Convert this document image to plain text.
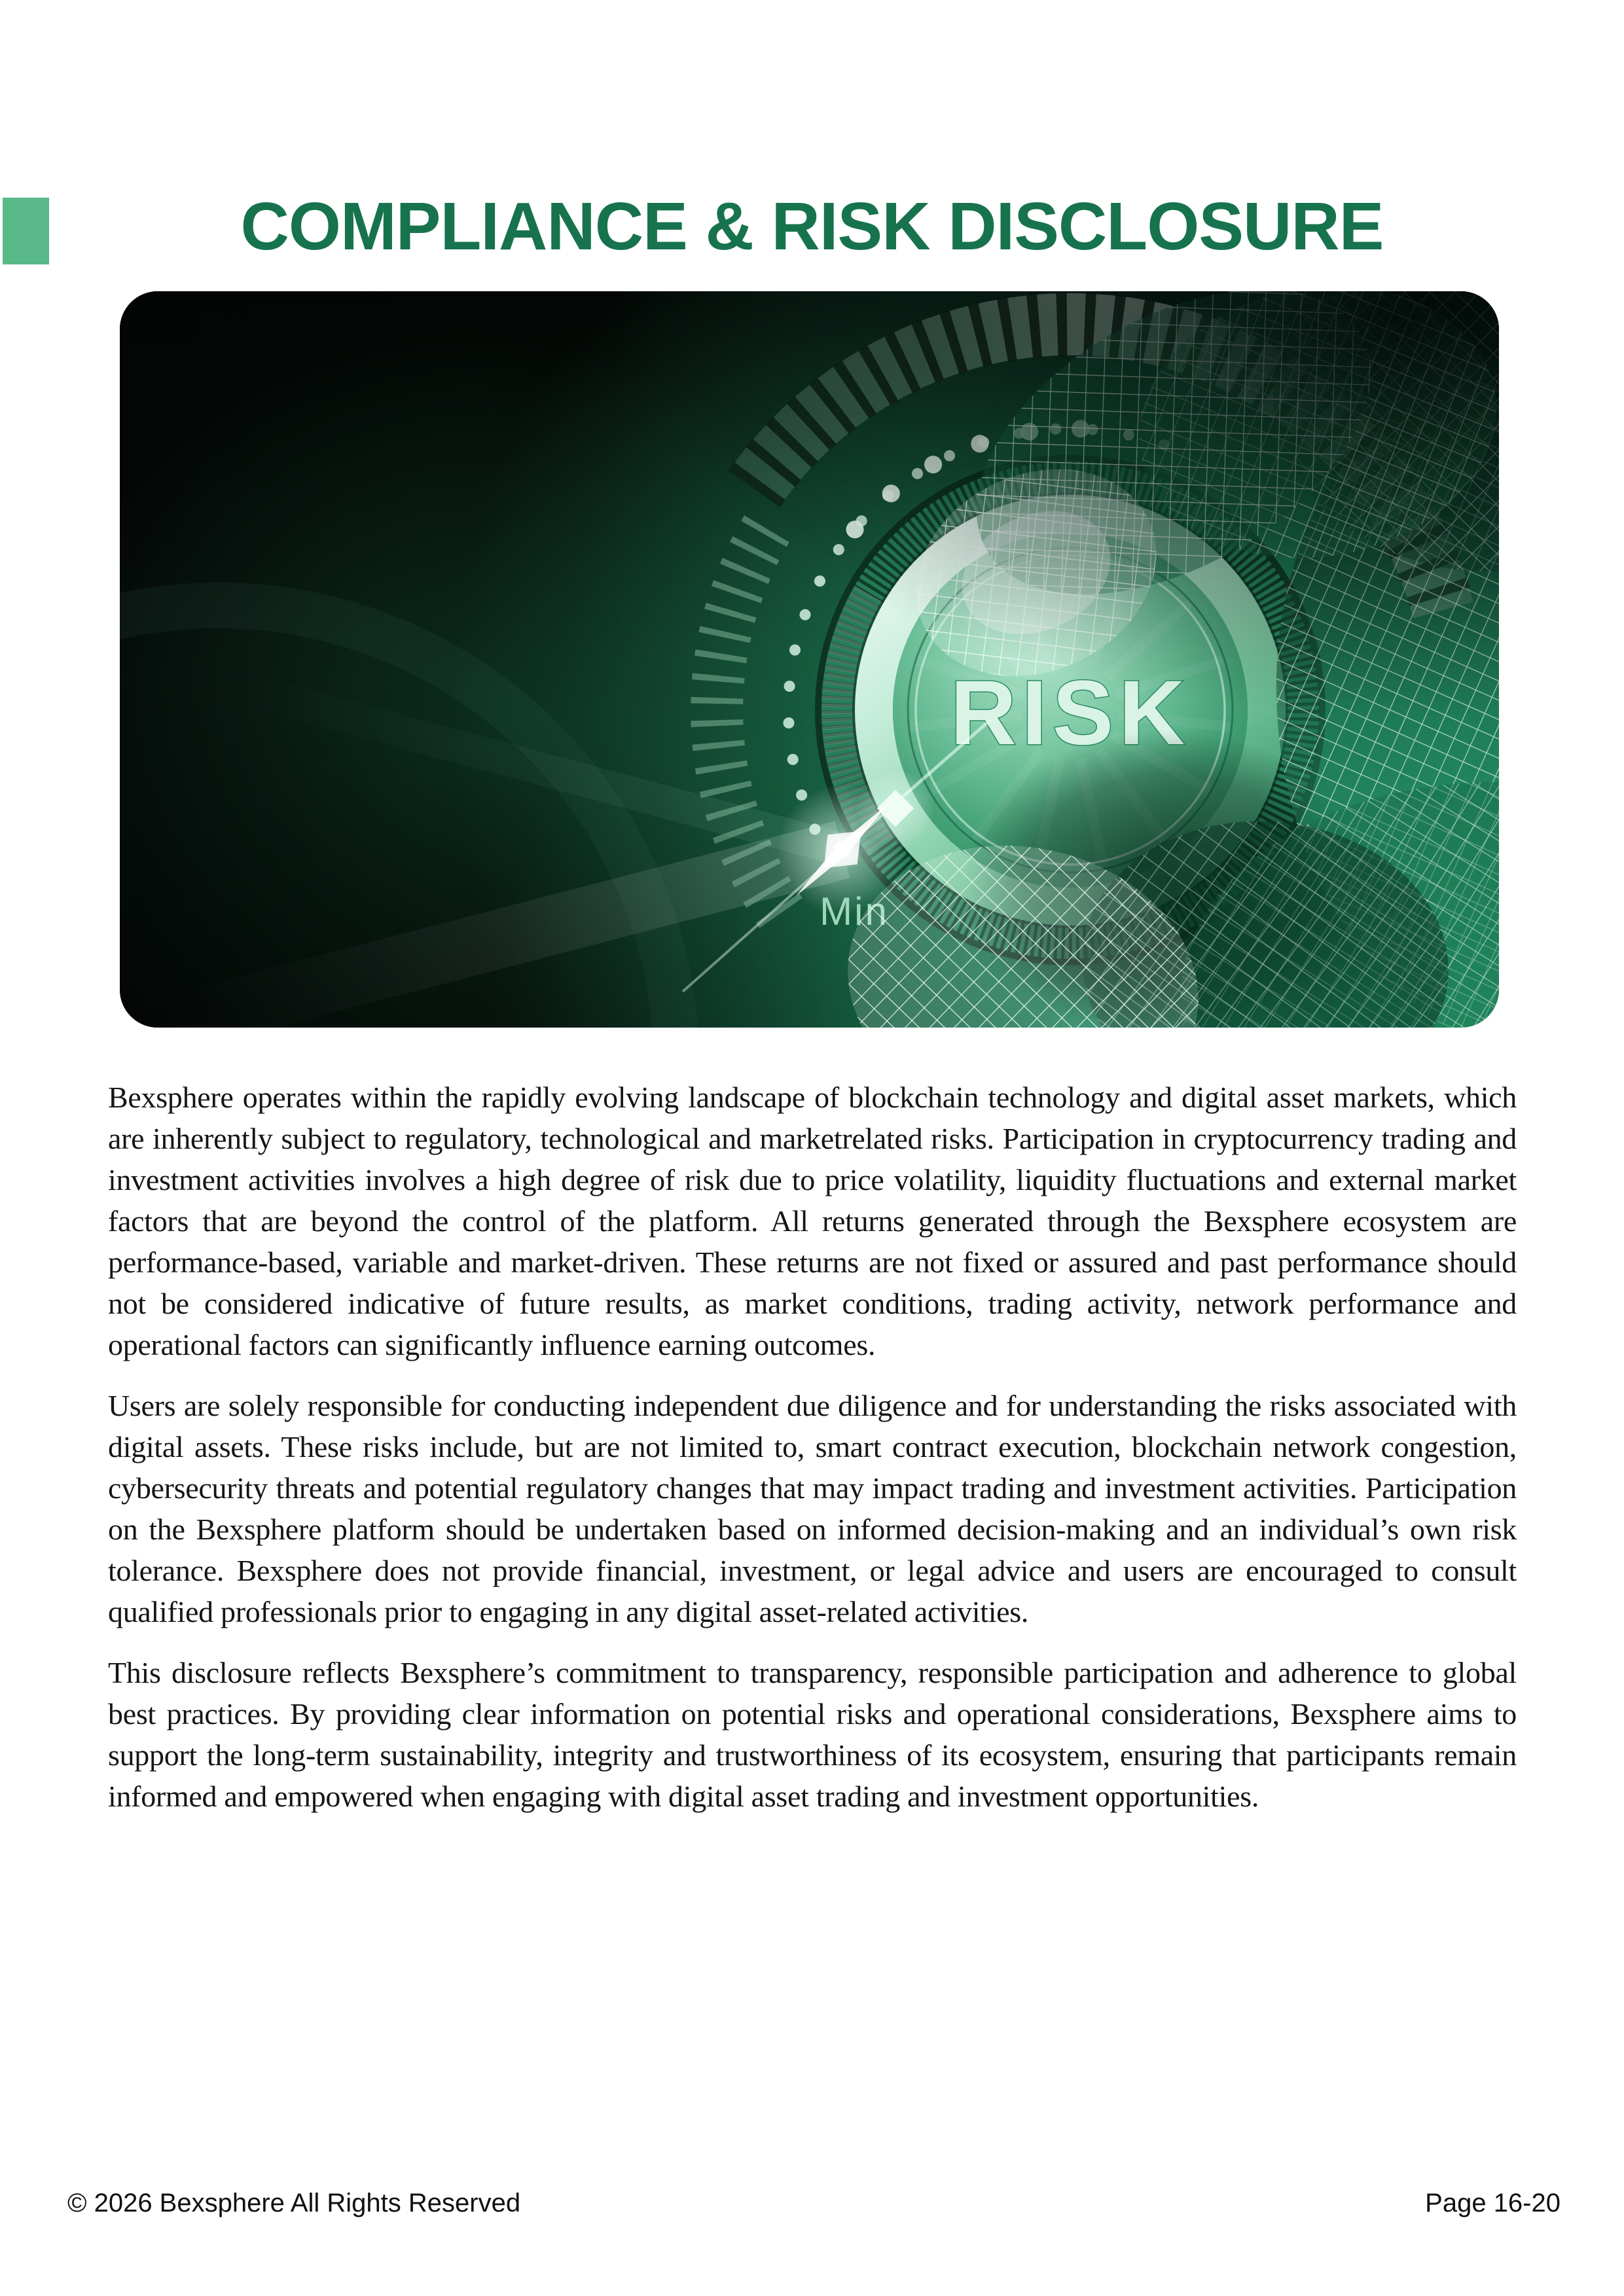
COMPLIANCE & RISK DISCLOSURE

Bexsphere operates within the rapidly evolving landscape of blockchain technology and digital asset markets, which are inherently subject to regulatory, technological and marketrelated risks. Participation in cryptocurrency trading and investment activities involves a high degree of risk due to price volatility, liquidity fluctuations and external market factors that are beyond the control of the platform. All returns generated through the Bexsphere ecosystem are performance-based, variable and market-driven. These returns are not fixed or assured and past performance should not be considered indicative of future results, as market conditions, trading activity, network performance and operational factors can significantly influence earning outcomes.

Users are solely responsible for conducting independent due diligence and for understanding the risks associated with digital assets. These risks include, but are not limited to, smart contract execution, blockchain network congestion, cybersecurity threats and potential regulatory changes that may impact trading and investment activities. Participation on the Bexsphere platform should be undertaken based on informed decision-making and an individual’s own risk tolerance. Bexsphere does not provide financial, investment, or legal advice and users are encouraged to consult qualified professionals prior to engaging in any digital asset-related activities.

This disclosure reflects Bexsphere’s commitment to transparency, responsible participation and adherence to global best practices. By providing clear information on potential risks and operational considerations, Bexsphere aims to support the long-term sustainability, integrity and trustworthiness of its ecosystem, ensuring that participants remain informed and empowered when engaging with digital asset trading and investment opportunities.

© 2026 Bexsphere All Rights Reserved	Page 16-20
